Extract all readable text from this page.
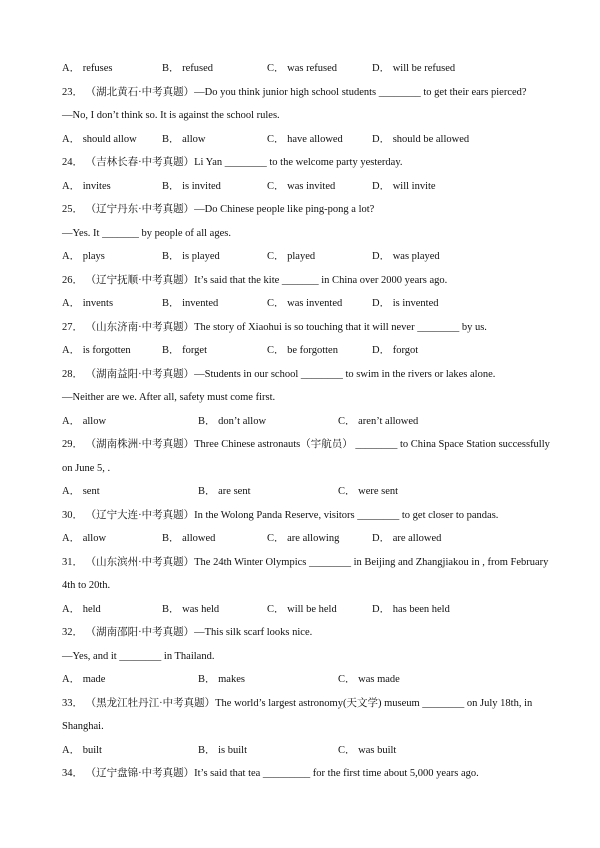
A． refuses	B． refused	C． was refused	D． will be refused
23． （湖北黄石·中考真题）—Do you think junior high school students ________ to get their ears pierced?
—No, I don’t think so. It is against the school rules.
A． should allow B． allow	C． have allowed	D． should be allowed
24． （吉林长春·中考真题）Li Yan ________ to the welcome party yesterday.
A． invites	B． is invited	C． was invited	D． will invite
25． （辽宁丹东·中考真题）—Do Chinese people like ping-pong a lot?
—Yes. It _______ by people of all ages.
A． plays	B． is played	C． played	D． was played
26． （辽宁抚顺·中考真题）It’s said that the kite _______ in China over 2000 years ago.
A． invents	B． invented	C． was invented	D． is invented
27． （山东济南·中考真题）The story of Xiaohui is so touching that it will never ________ by us.
A． is forgotten	B． forget	C． be forgotten	D． forgot
28． （湖南益阳·中考真题）—Students in our school ________ to swim in the rivers or lakes alone.
—Neither are we. After all, safety must come first.
A． allow	B． don’t allow	C． aren’t allowed
29． （湖南株洲·中考真题）Three Chinese astronauts（宇航员） ________ to China Space Station successfully
on June 5, .
A． sent	B． are sent	C． were sent
30． （辽宁大连·中考真题）In the Wolong Panda Reserve, visitors ________ to get closer to pandas.
A． allow	B． allowed	C． are allowing	D． are allowed
31． （山东滨州·中考真题）The 24th Winter Olympics ________ in Beijing and Zhangjiakou in , from February
4th to 20th.
A． held	B． was held	C． will be held	D． has been held
32． （湖南邵阳·中考真题）—This silk scarf looks nice.
—Yes, and it ________ in Thailand.
A． made	B． makes	C． was made
33． （黑龙江牡丹江·中考真题）The world’s largest astronomy(天文学) museum ________ on July 18th, in
Shanghai.
A． built	B． is built	C． was built
34． （辽宁盘锦·中考真题）It’s said that tea _________ for the first time about 5,000 years ago.
